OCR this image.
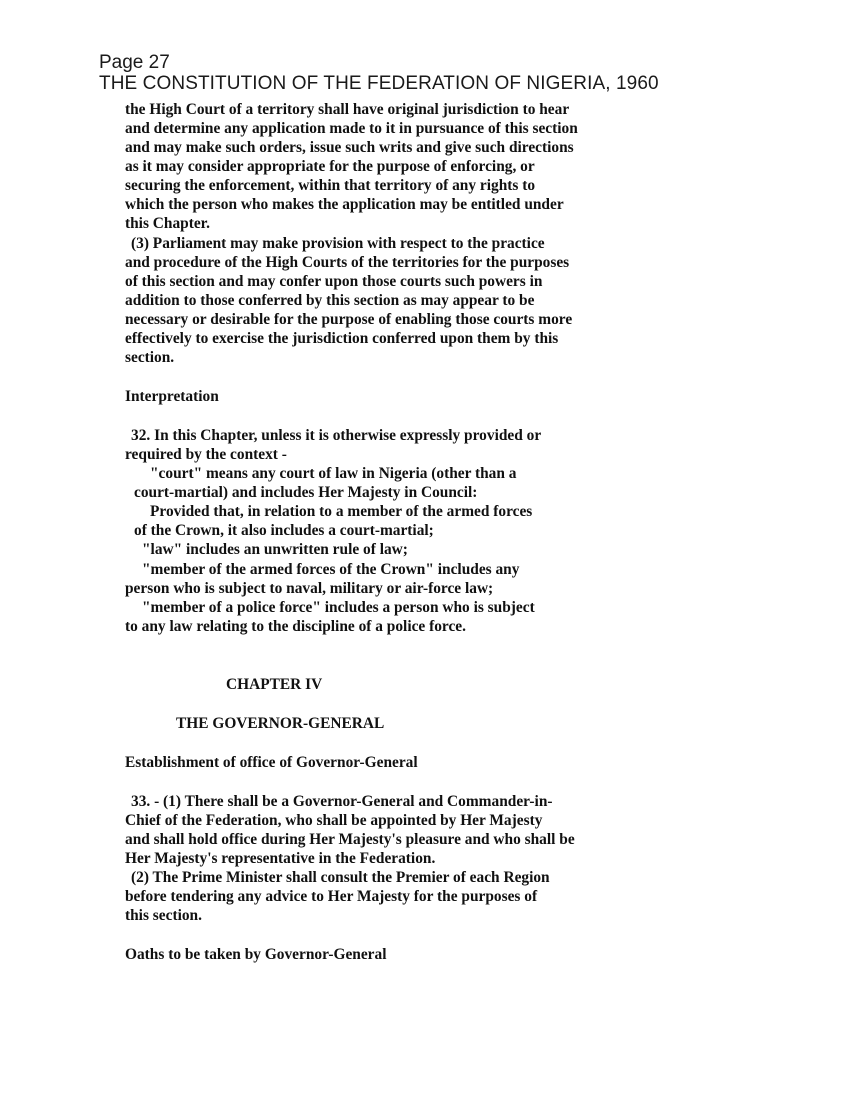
Page 27

THE CONSTITUTION OF THE FEDERATION OF NIGERIA, 1960

the High Court of a territory shall have original jurisdiction to hear

and determine any application made to it in pursuance of this section

and may make such orders, issue such writs and give such directions

as it may consider appropriate for the purpose of enforcing, or

securing the enforcement, within that territory of any rights to

which the person who makes the application may be entitled under

this Chapter.

(3) Parliament may make provision with respect to the practice

and procedure of the High Courts of the territories for the purposes

of this section and may confer upon those courts such powers in

addition to those conferred by this section as may appear to be

necessary or desirable for the purpose of enabling those courts more

effectively to exercise the jurisdiction conferred upon them by this

section.

Interpretation

32. In this Chapter, unless it is otherwise expressly provided or

required by the context -

"court" means any court of law in Nigeria (other than a

court-martial) and includes Her Majesty in Council:

Provided that, in relation to a member of the armed forces

of the Crown, it also includes a court-martial;

"law" includes an unwritten rule of law;

"member of the armed forces of the Crown" includes any

person who is subject to naval, military or air-force law;

"member of a police force" includes a person who is subject

to any law relating to the discipline of a police force.

CHAPTER IV

THE GOVERNOR-GENERAL

Establishment of office of Governor-General

33. - (1) There shall be a Governor-General and Commander-in-

Chief of the Federation, who shall be appointed by Her Majesty

and shall hold office during Her Majesty's pleasure and who shall be

Her Majesty's representative in the Federation.

(2) The Prime Minister shall consult the Premier of each Region

before tendering any advice to Her Majesty for the purposes of

this section.

Oaths to be taken by Governor-General
